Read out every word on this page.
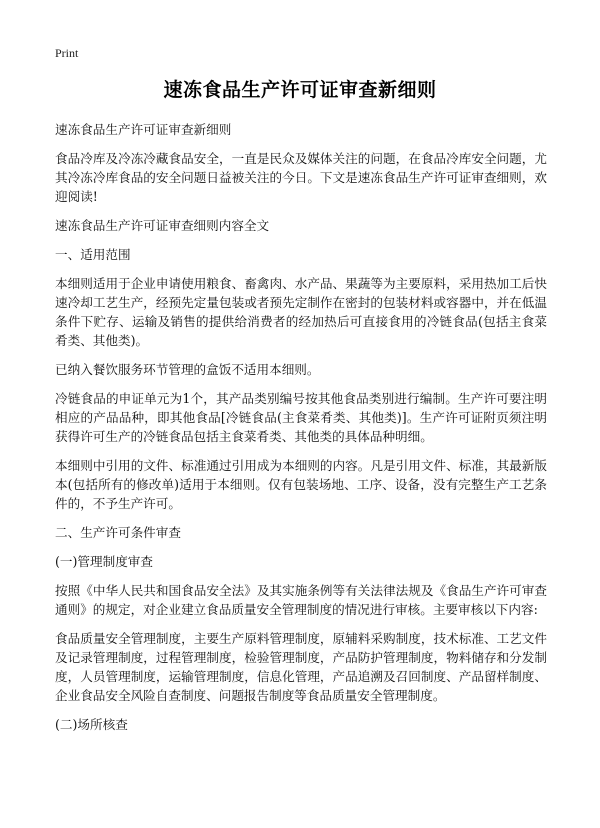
Print
速冻食品生产许可证审查新细则

速冻食品生产许可证审查新细则

食品冷库及冷冻冷藏食品安全，一直是民众及媒体关注的问题，在食品冷库安全问题，尤其冷冻冷库食品的安全问题日益被关注的今日。下文是速冻食品生产许可证审查细则，欢迎阅读!

速冻食品生产许可证审查细则内容全文

一、适用范围

本细则适用于企业申请使用粮食、畜禽肉、水产品、果蔬等为主要原料，采用热加工后快速冷却工艺生产，经预先定量包装或者预先定制作在密封的包装材料或容器中，并在低温条件下贮存、运输及销售的提供给消费者的经加热后可直接食用的冷链食品(包括主食菜肴类、其他类)。

已纳入餐饮服务环节管理的盒饭不适用本细则。

冷链食品的申证单元为1个，其产品类别编号按其他食品类别进行编制。生产许可要注明相应的产品品种，即其他食品[冷链食品(主食菜肴类、其他类)]。生产许可证附页须注明获得许可生产的冷链食品包括主食菜肴类、其他类的具体品种明细。

本细则中引用的文件、标准通过引用成为本细则的内容。凡是引用文件、标准，其最新版本(包括所有的修改单)适用于本细则。仅有包装场地、工序、设备，没有完整生产工艺条件的，不予生产许可。

二、生产许可条件审查

(一)管理制度审查

按照《中华人民共和国食品安全法》及其实施条例等有关法律法规及《食品生产许可审查通则》的规定，对企业建立食品质量安全管理制度的情况进行审核。主要审核以下内容:

食品质量安全管理制度，主要生产原料管理制度，原辅料采购制度，技术标准、工艺文件及记录管理制度，过程管理制度，检验管理制度，产品防护管理制度，物料储存和分发制度，人员管理制度，运输管理制度，信息化管理，产品追溯及召回制度、产品留样制度、企业食品安全风险自查制度、问题报告制度等食品质量安全管理制度。

(二)场所核查
